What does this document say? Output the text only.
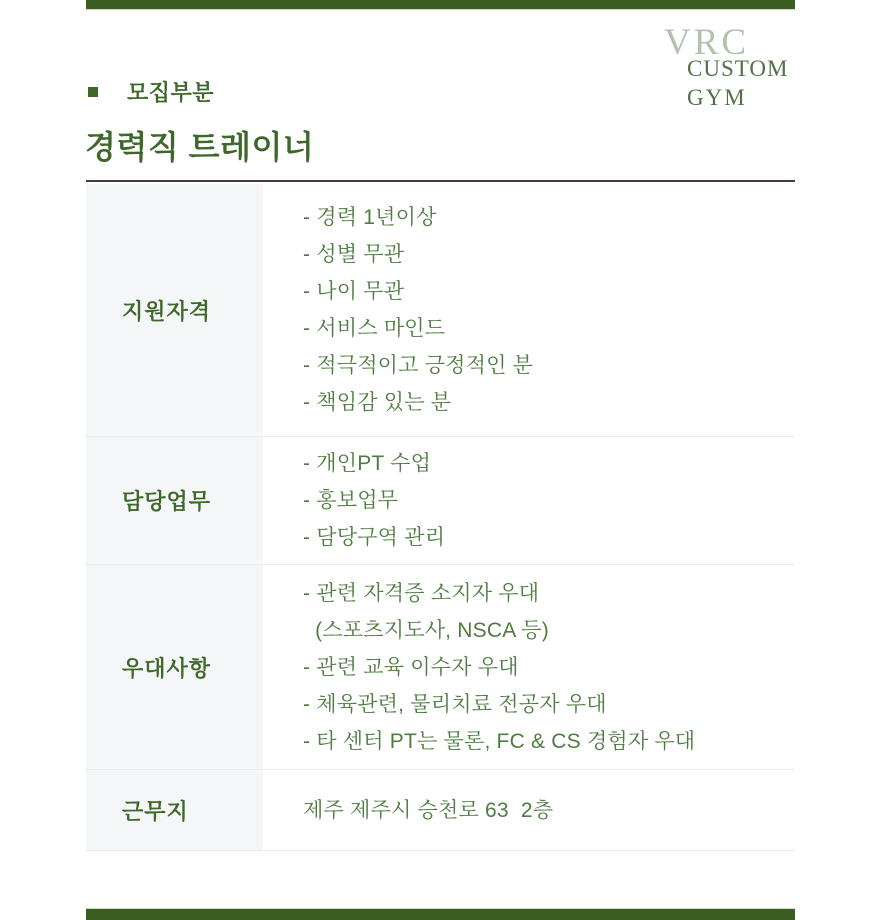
VRC
CUSTOM
GYM
모집부분
경력직 트레이너
지원자격
- 경력 1년이상
- 성별 무관
- 나이 무관
- 서비스 마인드
- 적극적이고 긍정적인 분
- 책임감 있는 분
담당업무
- 개인PT 수업
- 홍보업무
- 담당구역 관리
우대사항
- 관련 자격증 소지자 우대
(스포츠지도사, NSCA 등)
- 관련 교육 이수자 우대
- 체육관련, 물리치료 전공자 우대
- 타 센터 PT는 물론, FC & CS 경험자 우대
근무지	제주 제주시 승천로 63  2층
